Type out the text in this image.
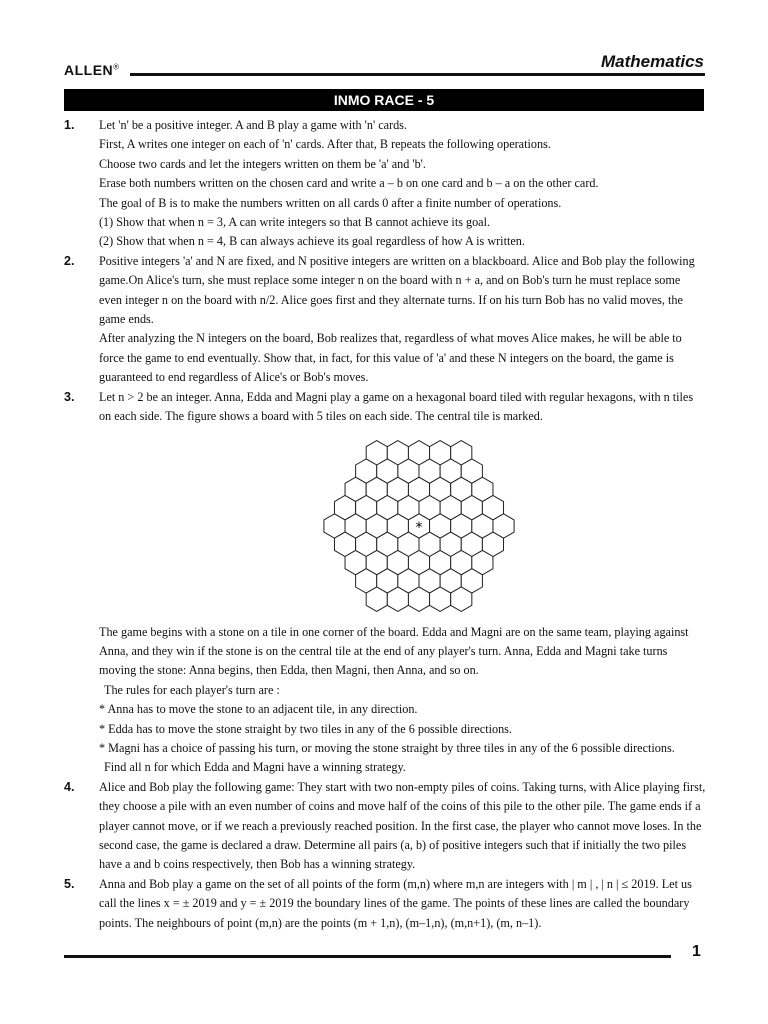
ALLEN®	Mathematics
INMO RACE - 5
1. Let 'n' be a positive integer. A and B play a game with 'n' cards.

First, A writes one integer on each of 'n' cards. After that, B repeats the following operations.

Choose two cards and let the integers written on them be 'a' and 'b'.

Erase both numbers written on the chosen card and write a – b on one card and b – a on the other card.

The goal of B is to make the numbers written on all cards 0 after a finite number of operations.

(1) Show that when n = 3, A can write integers so that B cannot achieve its goal.

(2) Show that when n = 4, B can always achieve its goal regardless of how A is written.

2. Positive integers 'a' and N are fixed, and N positive integers are written on a blackboard. Alice and Bob play the following game.On Alice's turn, she must replace some integer n on the board with n + a, and on Bob's turn he must replace some even integer n on the board with n/2. Alice goes first and they alternate turns. If on his turn Bob has no valid moves, the game ends.

After analyzing the N integers on the board, Bob realizes that, regardless of what moves Alice makes, he will be able to force the game to end eventually. Show that, in fact, for this value of 'a' and these N integers on the board, the game is guaranteed to end regardless of Alice's or Bob's moves.

3. Let n > 2 be an integer. Anna, Edda and Magni play a game on a hexagonal board tiled with regular hexagons, with n tiles on each side. The figure shows a board with 5 tiles on each side. The central tile is marked.

*

The game begins with a stone on a tile in one corner of the board. Edda and Magni are on the same team, playing against Anna, and they win if the stone is on the central tile at the end of any player's turn. Anna, Edda and Magni take turns moving the stone: Anna begins, then Edda, then Magni, then Anna, and so on.

The rules for each player's turn are :

* Anna has to move the stone to an adjacent tile, in any direction.

* Edda has to move the stone straight by two tiles in any of the 6 possible directions.

* Magni has a choice of passing his turn, or moving the stone straight by three tiles in any of the 6 possible directions.

Find all n for which Edda and Magni have a winning strategy.

4. Alice and Bob play the following game: They start with two non-empty piles of coins. Taking turns, with Alice playing first, they choose a pile with an even number of coins and move half of the coins of this pile to the other pile. The game ends if a player cannot move, or if we reach a previously reached position. In the first case, the player who cannot move loses. In the second case, the game is declared a draw. Determine all pairs (a, b) of positive integers such that if initially the two piles have a and b coins respectively, then Bob has a winning strategy.

5. Anna and Bob play a game on the set of all points of the form (m,n) where m,n are integers with | m | , | n | ≤ 2019. Let us call the lines x = ± 2019 and y = ± 2019 the boundary lines of the game. The points of these lines are called the boundary points. The neighbours of point (m,n) are the points (m + 1,n), (m–1,n), (m,n+1), (m, n–1).

1
